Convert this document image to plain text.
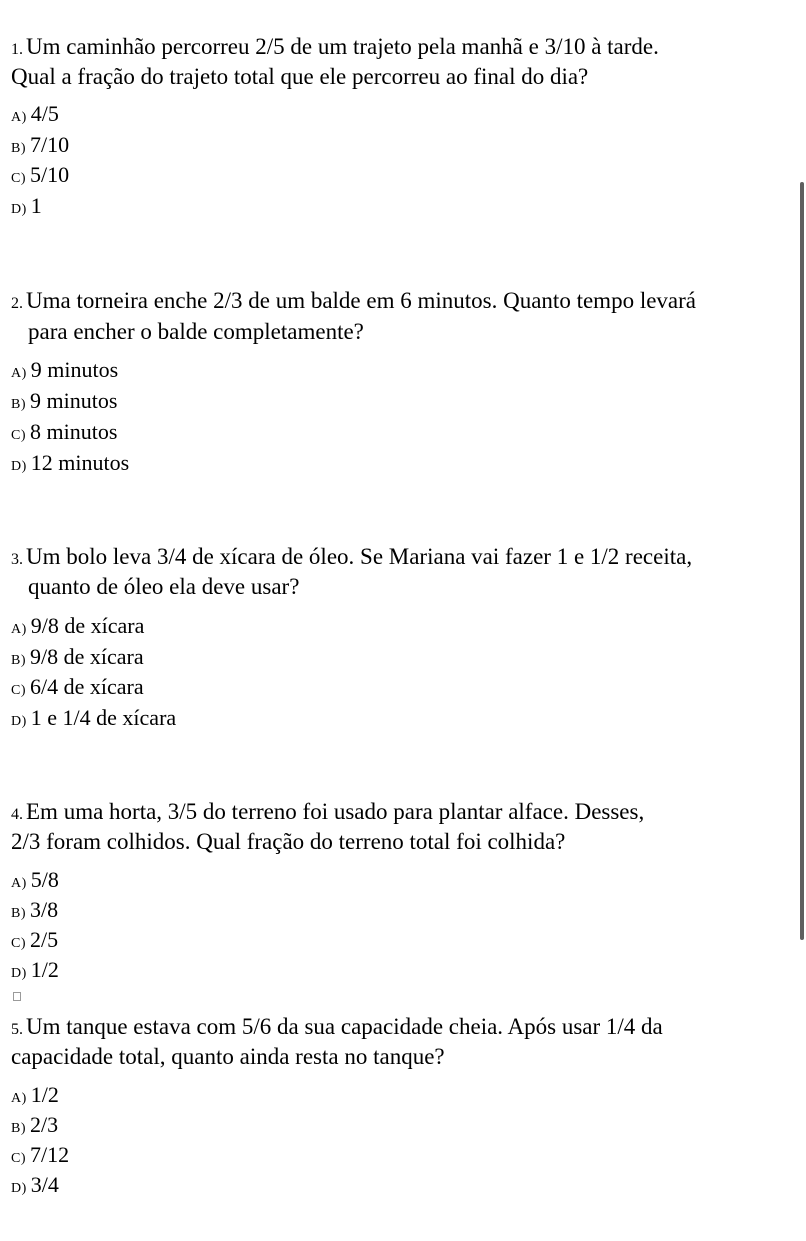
1. Um caminhão percorreu 2/5 de um trajeto pela manhã e 3/10 à tarde.
Qual a fração do trajeto total que ele percorreu ao final do dia?
A) 4/5
B) 7/10
C) 5/10
D) 1
2. Uma torneira enche 2/3 de um balde em 6 minutos. Quanto tempo levará
para encher o balde completamente?
A) 9 minutos
B) 9 minutos
C) 8 minutos
D) 12 minutos
3. Um bolo leva 3/4 de xícara de óleo. Se Mariana vai fazer 1 e 1/2 receita,
quanto de óleo ela deve usar?
A) 9/8 de xícara
B) 9/8 de xícara
C) 6/4 de xícara
D) 1 e 1/4 de xícara
4. Em uma horta, 3/5 do terreno foi usado para plantar alface. Desses,
2/3 foram colhidos. Qual fração do terreno total foi colhida?
A) 5/8
B) 3/8
C) 2/5
D) 1/2
5. Um tanque estava com 5/6 da sua capacidade cheia. Após usar 1/4 da
capacidade total, quanto ainda resta no tanque?
A) 1/2
B) 2/3
C) 7/12
D) 3/4
